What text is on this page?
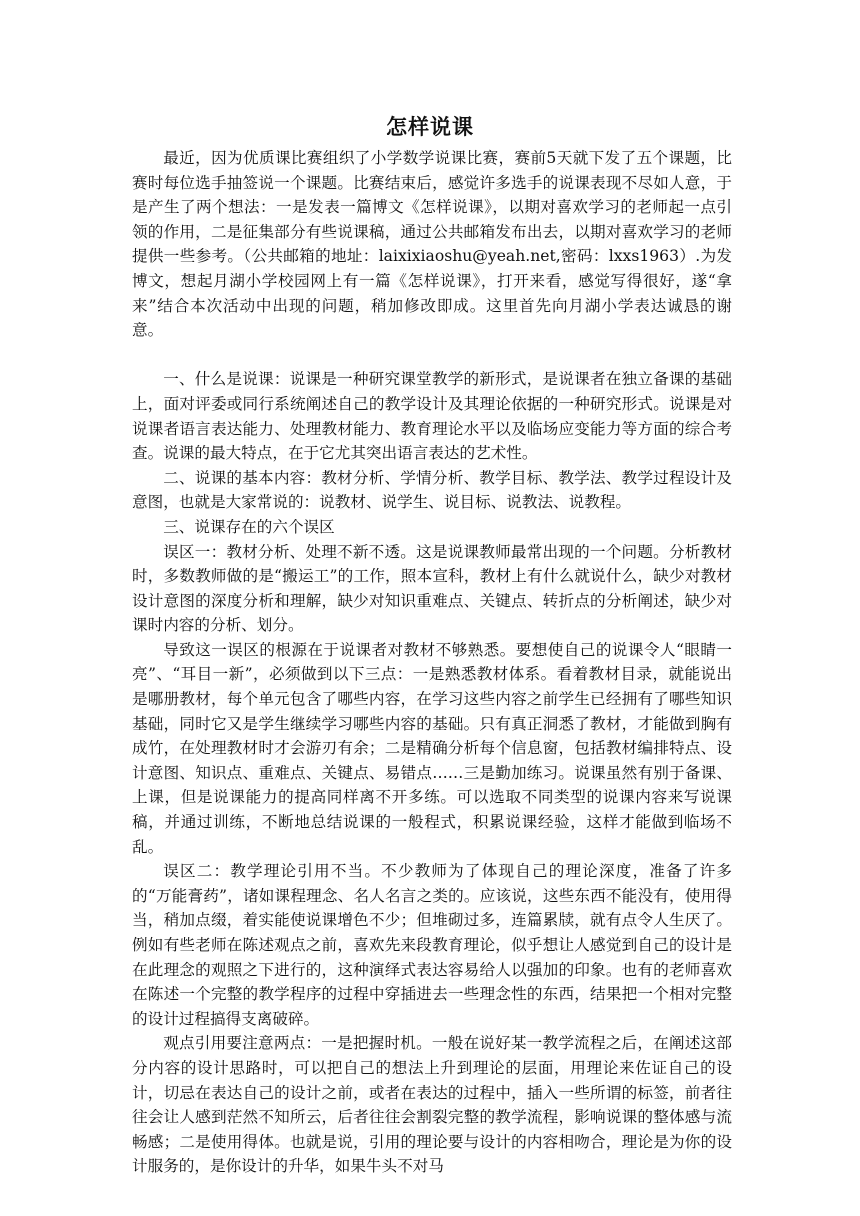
怎样说课

最近，因为优质课比赛组织了小学数学说课比赛，赛前5天就下发了五个课题，比赛时每位选手抽签说一个课题。比赛结束后，感觉许多选手的说课表现不尽如人意，于是产生了两个想法：一是发表一篇博文《怎样说课》，以期对喜欢学习的老师起一点引领的作用，二是征集部分有些说课稿，通过公共邮箱发布出去，以期对喜欢学习的老师提供一些参考。（公共邮箱的地址：laixixiaoshu@yeah.net,密码：lxxs1963）.为发博文，想起月湖小学校园网上有一篇《怎样说课》，打开来看，感觉写得很好，遂“拿来”结合本次活动中出现的问题，稍加修改即成。这里首先向月湖小学表达诚恳的谢意。

一、什么是说课：说课是一种研究课堂教学的新形式，是说课者在独立备课的基础上，面对评委或同行系统阐述自己的教学设计及其理论依据的一种研究形式。说课是对说课者语言表达能力、处理教材能力、教育理论水平以及临场应变能力等方面的综合考查。说课的最大特点，在于它尤其突出语言表达的艺术性。

二、说课的基本内容：教材分析、学情分析、教学目标、教学法、教学过程设计及意图，也就是大家常说的：说教材、说学生、说目标、说教法、说教程。

三、说课存在的六个误区

误区一：教材分析、处理不新不透。这是说课教师最常出现的一个问题。分析教材时，多数教师做的是“搬运工”的工作，照本宣科，教材上有什么就说什么，缺少对教材设计意图的深度分析和理解，缺少对知识重难点、关键点、转折点的分析阐述，缺少对课时内容的分析、划分。

导致这一误区的根源在于说课者对教材不够熟悉。要想使自己的说课令人“眼睛一亮”、“耳目一新”，必须做到以下三点：一是熟悉教材体系。看着教材目录，就能说出是哪册教材，每个单元包含了哪些内容，在学习这些内容之前学生已经拥有了哪些知识基础，同时它又是学生继续学习哪些内容的基础。只有真正洞悉了教材，才能做到胸有成竹，在处理教材时才会游刃有余；二是精确分析每个信息窗，包括教材编排特点、设计意图、知识点、重难点、关键点、易错点……三是勤加练习。说课虽然有别于备课、上课，但是说课能力的提高同样离不开多练。可以选取不同类型的说课内容来写说课稿，并通过训练，不断地总结说课的一般程式，积累说课经验，这样才能做到临场不乱。

误区二：教学理论引用不当。不少教师为了体现自己的理论深度，准备了许多的“万能膏药”，诸如课程理念、名人名言之类的。应该说，这些东西不能没有，使用得当，稍加点缀，着实能使说课增色不少；但堆砌过多，连篇累牍，就有点令人生厌了。例如有些老师在陈述观点之前，喜欢先来段教育理论，似乎想让人感觉到自己的设计是在此理念的观照之下进行的，这种演绎式表达容易给人以强加的印象。也有的老师喜欢在陈述一个完整的教学程序的过程中穿插进去一些理念性的东西，结果把一个相对完整的设计过程搞得支离破碎。

观点引用要注意两点：一是把握时机。一般在说好某一教学流程之后，在阐述这部分内容的设计思路时，可以把自己的想法上升到理论的层面，用理论来佐证自己的设计，切忌在表达自己的设计之前，或者在表达的过程中，插入一些所谓的标签，前者往往会让人感到茫然不知所云，后者往往会割裂完整的教学流程，影响说课的整体感与流畅感；二是使用得体。也就是说，引用的理论要与设计的内容相吻合，理论是为你的设计服务的，是你设计的升华，如果牛头不对马
